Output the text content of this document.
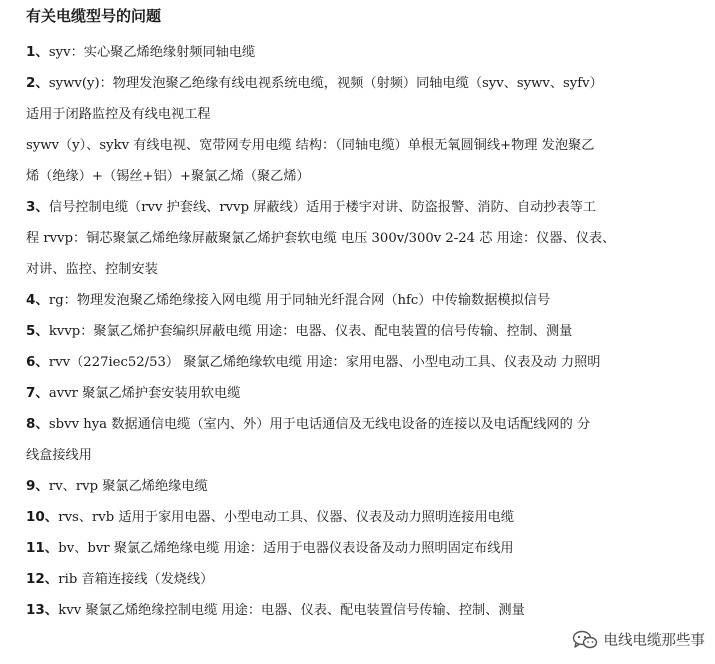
有关电缆型号的问题
1、syv：实心聚乙烯绝缘射频同轴电缆
2、sywv(y)：物理发泡聚乙绝缘有线电视系统电缆，视频（射频）同轴电缆（syv、sywv、syfv）
适用于闭路监控及有线电视工程
sywv（y）、sykv 有线电视、宽带网专用电缆 结构：（同轴电缆）单根无氧圆铜线+物理 发泡聚乙
烯（绝缘）+（锡丝+铝）+聚氯乙烯（聚乙烯）
3、信号控制电缆（rvv 护套线、rvvp 屏蔽线）适用于楼宇对讲、防盗报警、消防、自动抄表等工
程 rvvp：铜芯聚氯乙烯绝缘屏蔽聚氯乙烯护套软电缆 电压 300v/300v 2-24 芯 用途：仪器、仪表、
对讲、监控、控制安装
4、rg：物理发泡聚乙烯绝缘接入网电缆 用于同轴光纤混合网（hfc）中传输数据模拟信号
5、kvvp：聚氯乙烯护套编织屏蔽电缆 用途：电器、仪表、配电装置的信号传输、控制、测量
6、rvv（227iec52/53） 聚氯乙烯绝缘软电缆 用途：家用电器、小型电动工具、仪表及动 力照明
7、avvr 聚氯乙烯护套安装用软电缆
8、sbvv hya 数据通信电缆（室内、外）用于电话通信及无线电设备的连接以及电话配线网的 分
线盒接线用
9、rv、rvp 聚氯乙烯绝缘电缆
10、rvs、rvb 适用于家用电器、小型电动工具、仪器、仪表及动力照明连接用电缆
11、bv、bvr 聚氯乙烯绝缘电缆 用途：适用于电器仪表设备及动力照明固定布线用
12、rib 音箱连接线（发烧线）
13、kvv 聚氯乙烯绝缘控制电缆 用途：电器、仪表、配电装置信号传输、控制、测量
电线电缆那些事
